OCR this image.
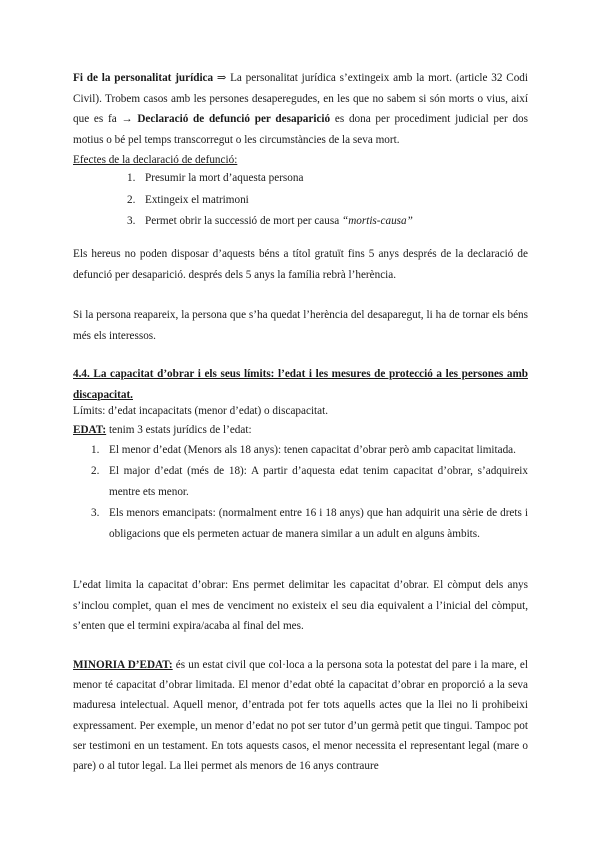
Fi de la personalitat jurídica ⇒ La personalitat jurídica s’extingeix amb la mort. (article 32 Codi Civil). Trobem casos amb les persones desaperegudes, en les que no sabem si són morts o vius, així que es fa → Declaració de defunció per desaparició es dona per procediment judicial per dos motius o bé pel temps transcorregut o les circumstàncies de la seva mort.
Efectes de la declaració de defunció:
1. Presumir la mort d’aquesta persona
2. Extingeix el matrimoni
3. Permet obrir la successió de mort per causa “mortis-causa”
Els hereus no poden disposar d’aquests béns a títol gratuït fins 5 anys després de la declaració de defunció per desaparició. després dels 5 anys la família rebrà l’herència.
Si la persona reapareix, la persona que s’ha quedat l’herència del desaparegut, li ha de tornar els béns més els interessos.
4.4. La capacitat d’obrar i els seus límits: l’edat i les mesures de protecció a les persones amb discapacitat.
Límits: d’edat incapacitats (menor d’edat) o discapacitat.
EDAT: tenim 3 estats jurídics de l’edat:
1. El menor d’edat (Menors als 18 anys): tenen capacitat d’obrar però amb capacitat limitada.
2. El major d’edat (més de 18): A partir d’aquesta edat tenim capacitat d’obrar, s’adquireix mentre ets menor.
3. Els menors emancipats: (normalment entre 16 i 18 anys) que han adquirit una sèrie de drets i obligacions que els permeten actuar de manera similar a un adult en alguns àmbits.
L’edat limita la capacitat d’obrar: Ens permet delimitar les capacitat d’obrar. El còmput dels anys s’inclou complet, quan el mes de venciment no existeix el seu dia equivalent a l’inicial del còmput, s’enten que el termini expira/acaba al final del mes.
MINORIA D’EDAT: és un estat civil que col·loca a la persona sota la potestat del pare i la mare, el menor té capacitat d’obrar limitada. El menor d’edat obté la capacitat d’obrar en proporció a la seva maduresa intelectual. Aquell menor, d’entrada pot fer tots aquells actes que la llei no li prohibeixi expressament. Per exemple, un menor d’edat no pot ser tutor d’un germà petit que tingui. Tampoc pot ser testimoni en un testament. En tots aquests casos, el menor necessita el representant legal (mare o pare) o al tutor legal. La llei permet als menors de 16 anys contraure
